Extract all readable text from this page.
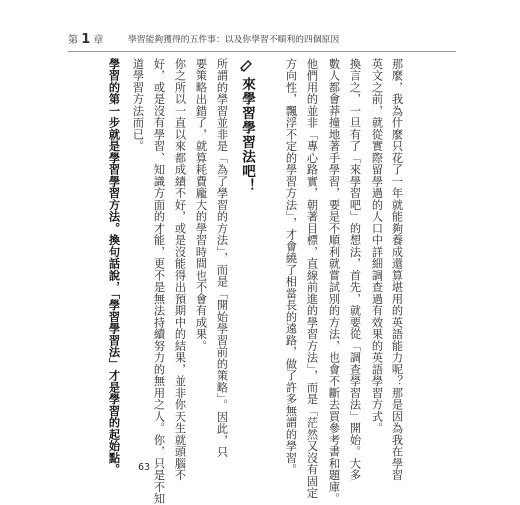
第 1 章	學習能夠獲得的五件事：以及你學習不順利的四個原因
那麼，我為什麼只花了一年就能夠養成還算堪用的英語能力呢？那是因為我在學習
英文之前，就從實際留學過的人口中詳細調查過有效果的英語學習方式。
換言之，一旦有了「來學習吧」的想法，首先，就要從「調查學習法」開始。大多
數人都會莽撞地著手學習，要是不順利就嘗試別的方法，也會不斷去買參考書和題庫。
他們用的並非「專心路實，朝著目標，直線前進的學習方法」，而是「茫然又沒有固定
方向性，飄浮不定的學習方法」，才會繞了相當長的遠路，做了許多無謂的學習。
來學習學習法吧！
所謂的學習並非是「為了學習的方法」，而是「開始學習前的策略」。因此，只
要策略出錯了，就算耗費龐大的學習時間也不會有成果。
你之所以一直以來都成績不好，或是沒能得出預期中的結果，並非你天生就頭腦不
好，或是沒有學習、知識方面的才能，更不是無法持續努力的無用之人。你，只是不知
道學習方法而已。
學習的第一步就是學習學習方法。換句話說，「學習學習法」才是學習的起始點。 63
